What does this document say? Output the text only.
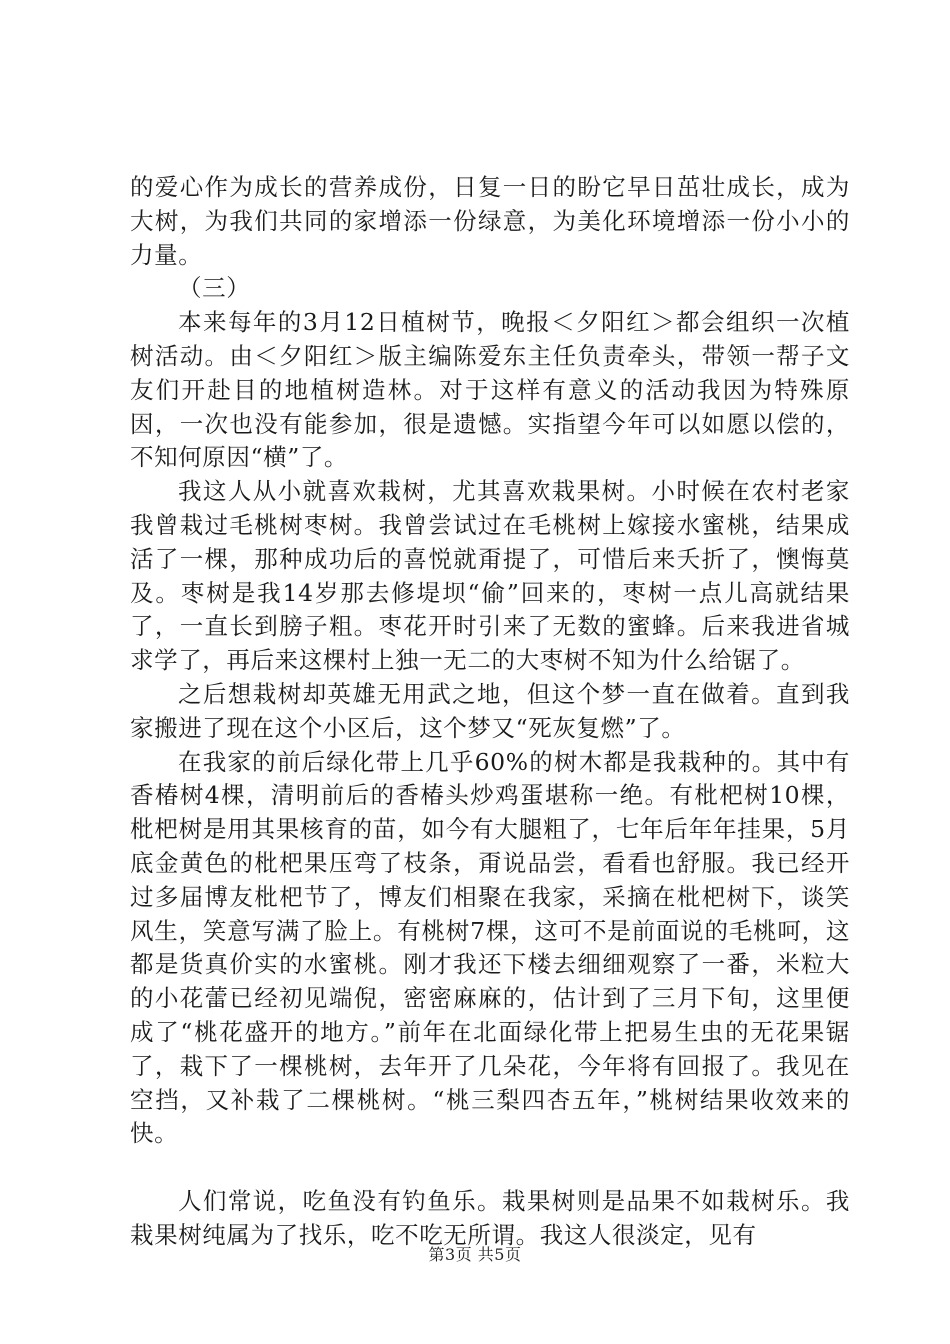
的爱心作为成长的营养成份，日复一日的盼它早日茁壮成长，成为大树，为我们共同的家增添一份绿意，为美化环境增添一份小小的力量。

（三）

本来每年的3月12日植树节，晚报＜夕阳红＞都会组织一次植树活动。由＜夕阳红＞版主编陈爱东主任负责牵头，带领一帮子文友们开赴目的地植树造林。对于这样有意义的活动我因为特殊原因，一次也没有能参加，很是遗憾。实指望今年可以如愿以偿的，不知何原因“横”了。

我这人从小就喜欢栽树，尤其喜欢栽果树。小时候在农村老家我曾栽过毛桃树枣树。我曾尝试过在毛桃树上嫁接水蜜桃，结果成活了一棵，那种成功后的喜悦就甭提了，可惜后来夭折了，懊悔莫及。枣树是我14岁那去修堤坝“偷”回来的，枣树一点儿高就结果了，一直长到膀子粗。枣花开时引来了无数的蜜蜂。后来我进省城求学了，再后来这棵村上独一无二的大枣树不知为什么给锯了。

之后想栽树却英雄无用武之地，但这个梦一直在做着。直到我家搬进了现在这个小区后，这个梦又“死灰复燃”了。

在我家的前后绿化带上几乎60%的树木都是我栽种的。其中有香椿树4棵，清明前后的香椿头炒鸡蛋堪称一绝。有枇杷树10棵，枇杷树是用其果核育的苗，如今有大腿粗了，七年后年年挂果，5月底金黄色的枇杷果压弯了枝条，甭说品尝，看看也舒服。我已经开过多届博友枇杷节了，博友们相聚在我家，采摘在枇杷树下，谈笑风生，笑意写满了脸上。有桃树7棵，这可不是前面说的毛桃呵，这都是货真价实的水蜜桃。刚才我还下楼去细细观察了一番，米粒大的小花蕾已经初见端倪，密密麻麻的，估计到了三月下旬，这里便成了“桃花盛开的地方。”前年在北面绿化带上把易生虫的无花果锯了，栽下了一棵桃树，去年开了几朵花，今年将有回报了。我见在空挡，又补栽了二棵桃树。“桃三梨四杏五年，”桃树结果收效来的快。

人们常说，吃鱼没有钓鱼乐。栽果树则是品果不如栽树乐。我栽果树纯属为了找乐，吃不吃无所谓。我这人很淡定，见有

第3页 共5页
